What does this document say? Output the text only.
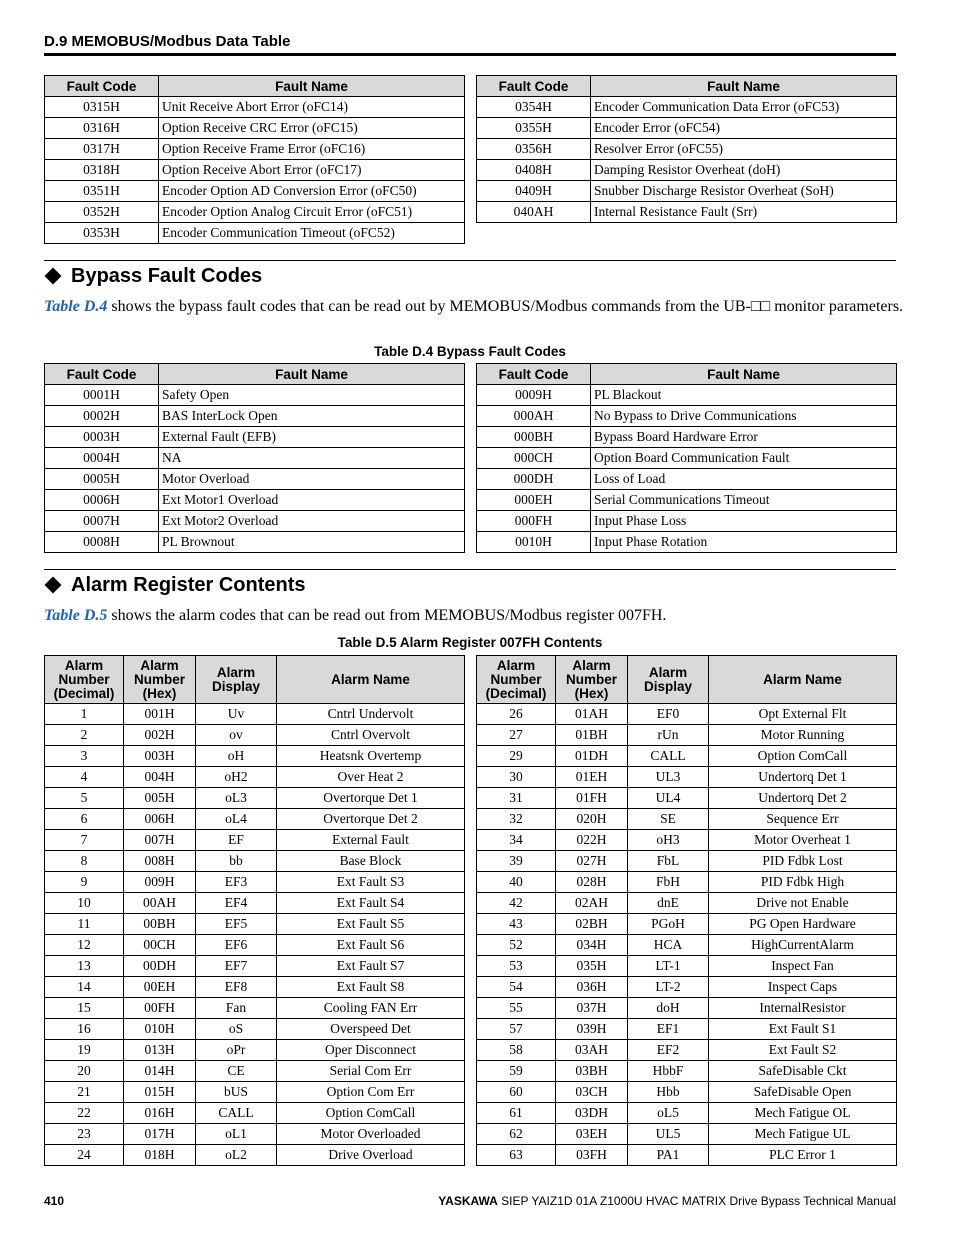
D.9 MEMOBUS/Modbus Data Table
Fault Code	Fault Name
0315H	Unit Receive Abort Error (oFC14)
0316H	Option Receive CRC Error (oFC15)
0317H	Option Receive Frame Error (oFC16)
0318H	Option Receive Abort Error (oFC17)
0351H	Encoder Option AD Conversion Error (oFC50)
0352H	Encoder Option Analog Circuit Error (oFC51)
0353H	Encoder Communication Timeout (oFC52)
Fault Code	Fault Name
0354H	Encoder Communication Data Error (oFC53)
0355H	Encoder Error (oFC54)
0356H	Resolver Error (oFC55)
0408H	Damping Resistor Overheat (doH)
0409H	Snubber Discharge Resistor Overheat (SoH)
040AH	Internal Resistance Fault (Srr)
Bypass Fault Codes
Table D.4 shows the bypass fault codes that can be read out by MEMOBUS/Modbus commands from the UB-□□ monitor parameters.
Table D.4 Bypass Fault Codes
Fault Code	Fault Name
0001H	Safety Open
0002H	BAS InterLock Open
0003H	External Fault (EFB)
0004H	NA
0005H	Motor Overload
0006H	Ext Motor1 Overload
0007H	Ext Motor2 Overload
0008H	PL Brownout
Fault Code	Fault Name
0009H	PL Blackout
000AH	No Bypass to Drive Communications
000BH	Bypass Board Hardware Error
000CH	Option Board Communication Fault
000DH	Loss of Load
000EH	Serial Communications Timeout
000FH	Input Phase Loss
0010H	Input Phase Rotation
Alarm Register Contents
Table D.5 shows the alarm codes that can be read out from MEMOBUS/Modbus register 007FH.
Table D.5 Alarm Register 007FH Contents
Alarm
Number
(Decimal)	Alarm
Number
(Hex)	Alarm
Display	Alarm Name
1	001H	Uv	Cntrl Undervolt
2	002H	ov	Cntrl Overvolt
3	003H	oH	Heatsnk Overtemp
4	004H	oH2	Over Heat 2
5	005H	oL3	Overtorque Det 1
6	006H	oL4	Overtorque Det 2
7	007H	EF	External Fault
8	008H	bb	Base Block
9	009H	EF3	Ext Fault S3
10	00AH	EF4	Ext Fault S4
11	00BH	EF5	Ext Fault S5
12	00CH	EF6	Ext Fault S6
13	00DH	EF7	Ext Fault S7
14	00EH	EF8	Ext Fault S8
15	00FH	Fan	Cooling FAN Err
16	010H	oS	Overspeed Det
19	013H	oPr	Oper Disconnect
20	014H	CE	Serial Com Err
21	015H	bUS	Option Com Err
22	016H	CALL	Option ComCall
23	017H	oL1	Motor Overloaded
24	018H	oL2	Drive Overload
Alarm
Number
(Decimal)	Alarm
Number
(Hex)	Alarm
Display	Alarm Name
26	01AH	EF0	Opt External Flt
27	01BH	rUn	Motor Running
29	01DH	CALL	Option ComCall
30	01EH	UL3	Undertorq Det 1
31	01FH	UL4	Undertorq Det 2
32	020H	SE	Sequence Err
34	022H	oH3	Motor Overheat 1
39	027H	FbL	PID Fdbk Lost
40	028H	FbH	PID Fdbk High
42	02AH	dnE	Drive not Enable
43	02BH	PGoH	PG Open Hardware
52	034H	HCA	HighCurrentAlarm
53	035H	LT-1	Inspect Fan
54	036H	LT-2	Inspect Caps
55	037H	doH	InternalResistor
57	039H	EF1	Ext Fault S1
58	03AH	EF2	Ext Fault S2
59	03BH	HbbF	SafeDisable Ckt
60	03CH	Hbb	SafeDisable Open
61	03DH	oL5	Mech Fatigue OL
62	03EH	UL5	Mech Fatigue UL
63	03FH	PA1	PLC Error 1
410	YASKAWA SIEP YAIZ1D 01A Z1000U HVAC MATRIX Drive Bypass Technical Manual
